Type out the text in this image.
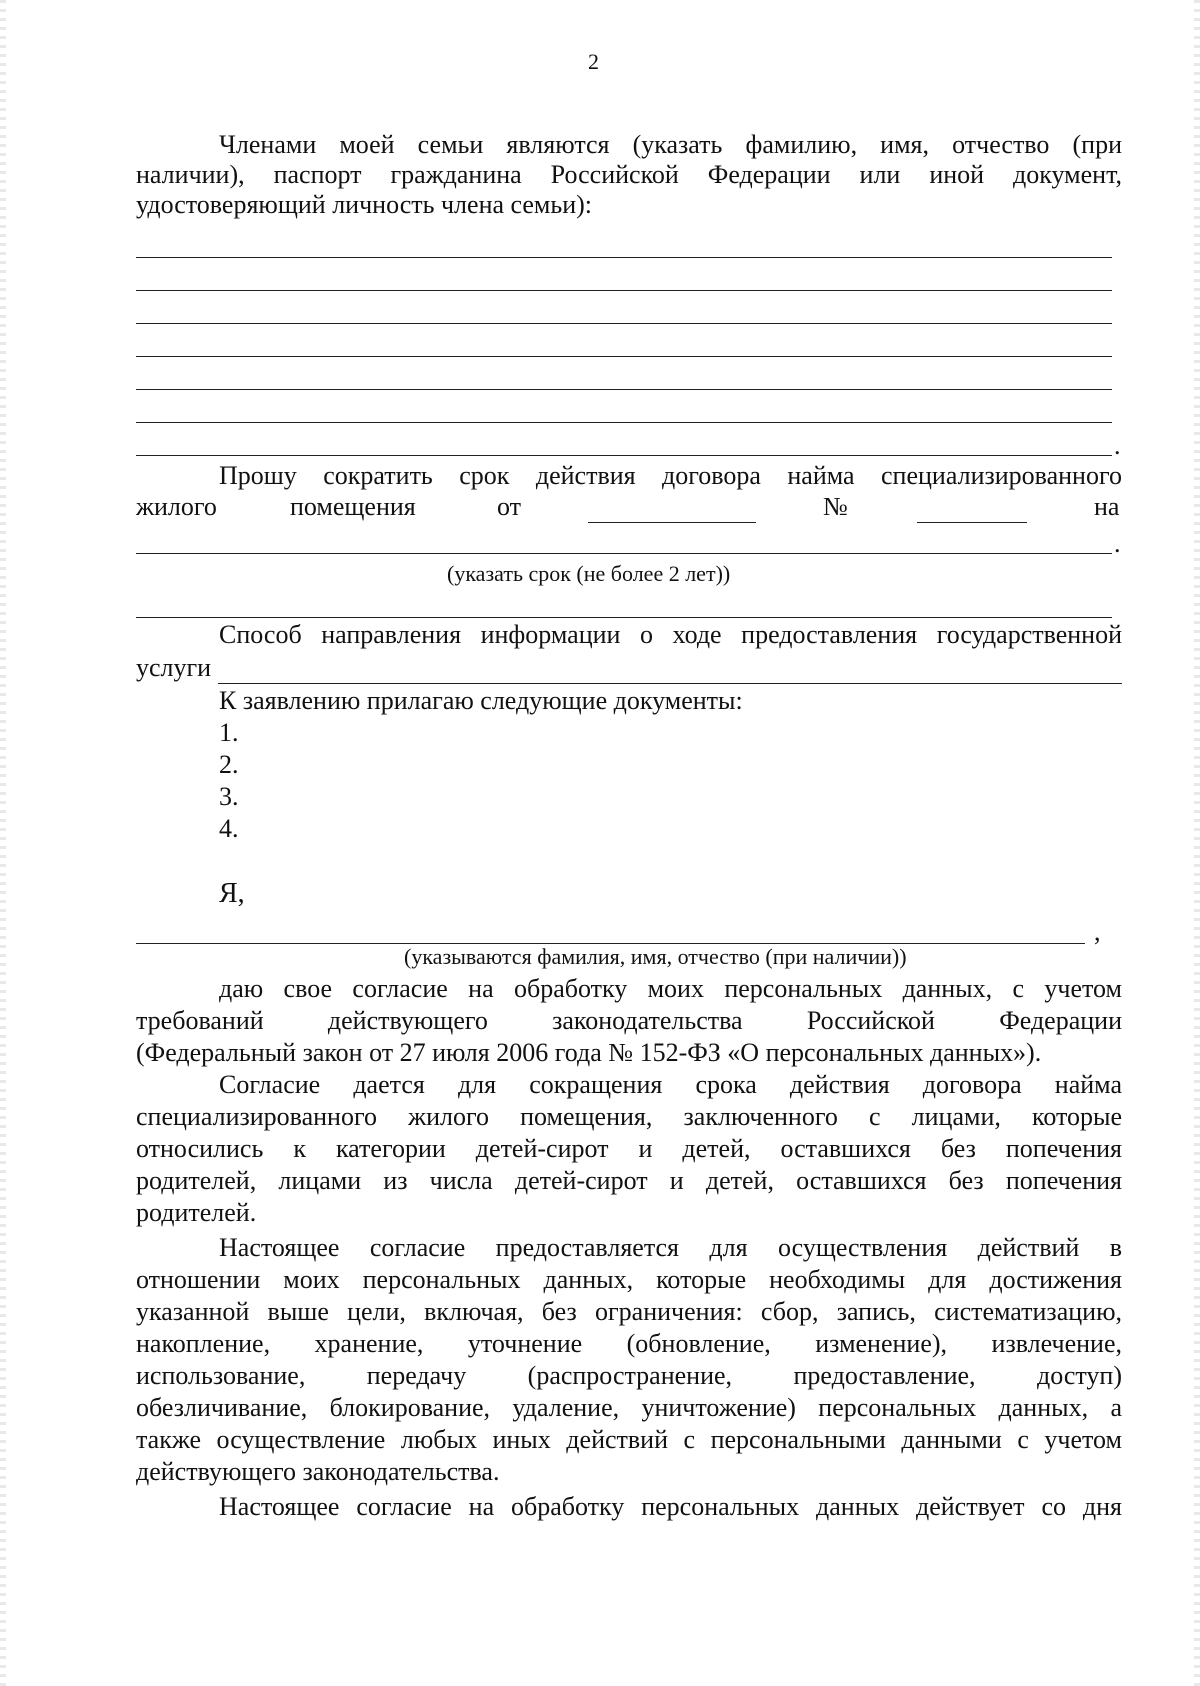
2
Членами моей семьи являются (указать фамилию, имя, отчество (при
наличии), паспорт гражданина Российской Федерации или иной документ,
удостоверяющий личность члена семьи):
.
Прошу сократить срок действия договора найма специализированного
жилого	помещения	от	№	на
.
(указать срок (не более 2 лет))
Способ направления информации о ходе предоставления государственной
услуги
К заявлению прилагаю следующие документы:
1.
2.
3.
4.
Я,
,
(указываются фамилия, имя, отчество (при наличии))
даю свое согласие на обработку моих персональных данных, с учетом
требований действующего законодательства Российской Федерации
(Федеральный закон от 27 июля 2006 года № 152-ФЗ «О персональных данных»).
Согласие дается для сокращения срока действия договора найма
специализированного жилого помещения, заключенного с лицами, которые
относились к категории детей-сирот и детей, оставшихся без попечения
родителей, лицами из числа детей-сирот и детей, оставшихся без попечения
родителей.
Настоящее согласие предоставляется для осуществления действий в
отношении моих персональных данных, которые необходимы для достижения
указанной выше цели, включая, без ограничения: сбор, запись, систематизацию,
накопление, хранение, уточнение (обновление, изменение), извлечение,
использование, передачу (распространение, предоставление, доступ)
обезличивание, блокирование, удаление, уничтожение) персональных данных, а
также осуществление любых иных действий с персональными данными с учетом
действующего законодательства.
Настоящее согласие на обработку персональных данных действует со дня
